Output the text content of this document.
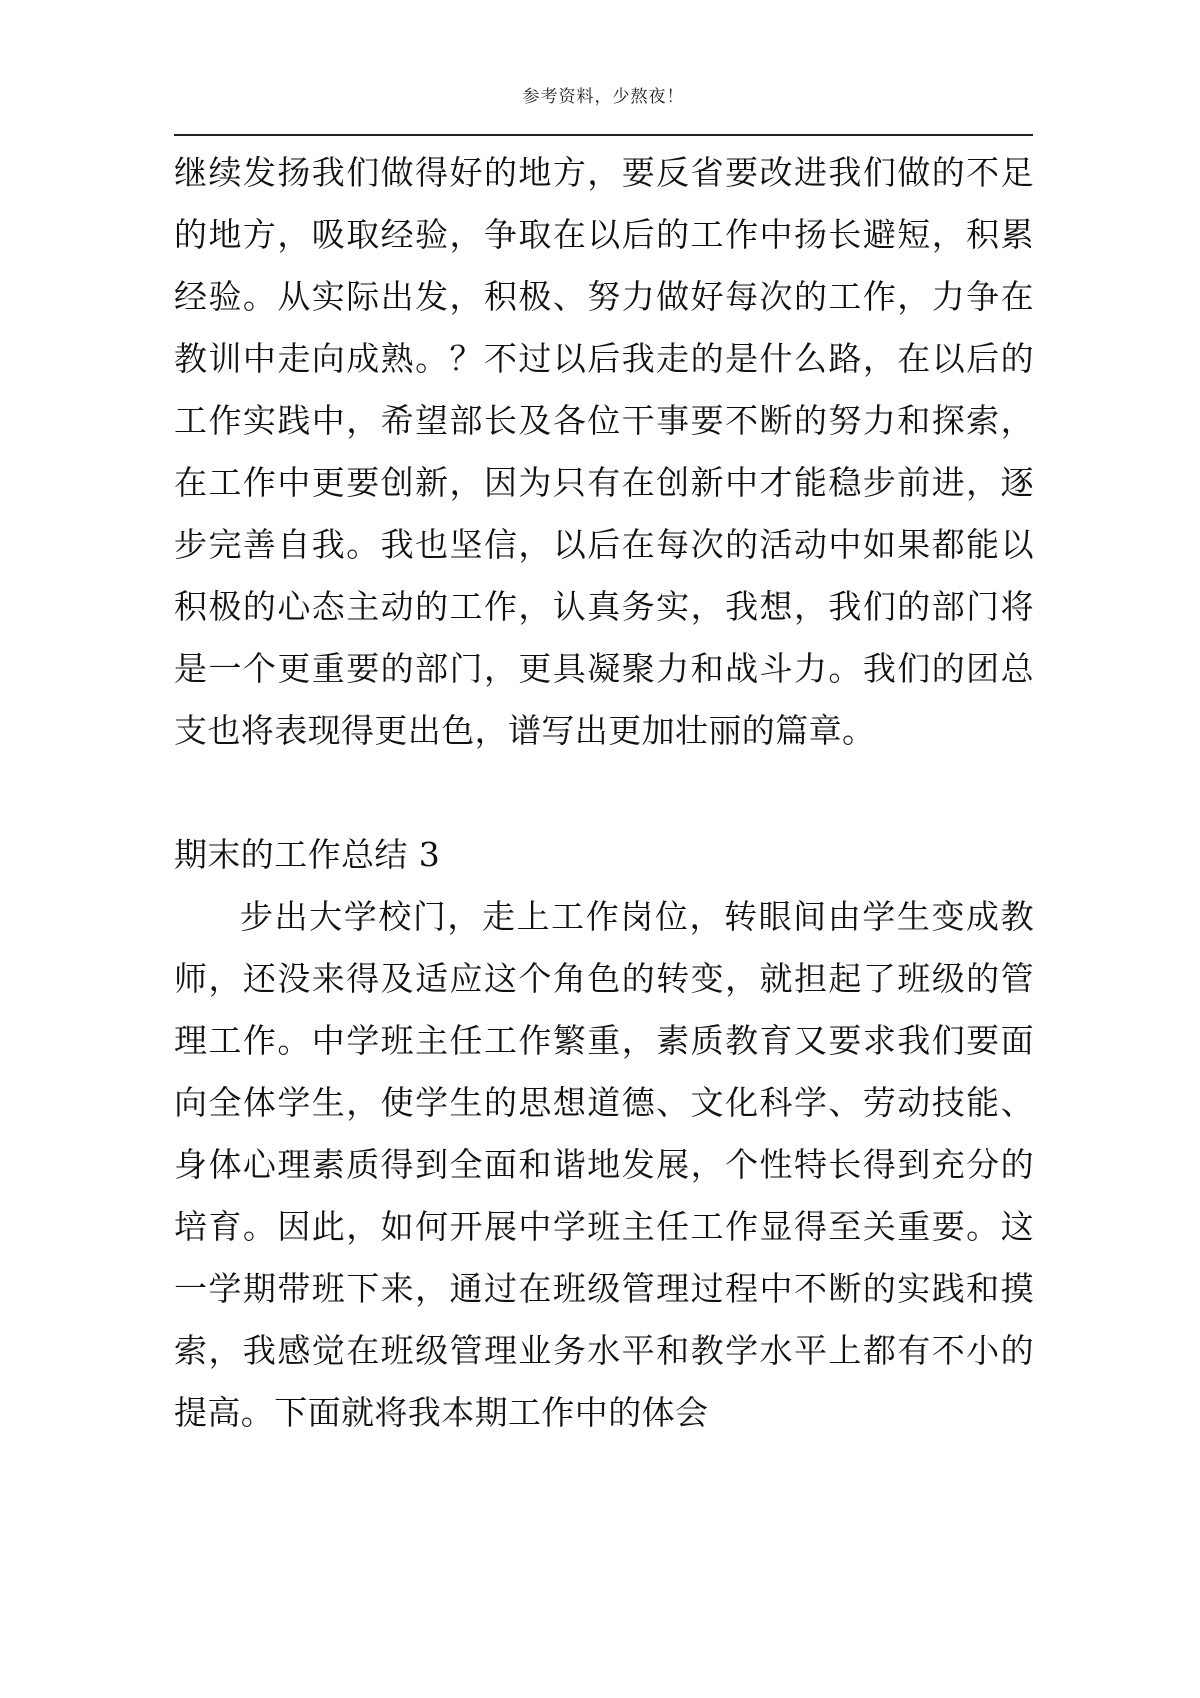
参考资料，少熬夜！

继续发扬我们做得好的地方，要反省要改进我们做的不足的地方，吸取经验，争取在以后的工作中扬长避短，积累经验。从实际出发，积极、努力做好每次的工作，力争在教训中走向成熟。？不过以后我走的是什么路，在以后的工作实践中，希望部长及各位干事要不断的努力和探索，在工作中更要创新，因为只有在创新中才能稳步前进，逐步完善自我。我也坚信，以后在每次的活动中如果都能以积极的心态主动的工作，认真务实，我想，我们的部门将是一个更重要的部门，更具凝聚力和战斗力。我们的团总支也将表现得更出色，谱写出更加壮丽的篇章。

期末的工作总结 3

步出大学校门，走上工作岗位，转眼间由学生变成教师，还没来得及适应这个角色的转变，就担起了班级的管理工作。中学班主任工作繁重，素质教育又要求我们要面向全体学生，使学生的思想道德、文化科学、劳动技能、身体心理素质得到全面和谐地发展，个性特长得到充分的培育。因此，如何开展中学班主任工作显得至关重要。这一学期带班下来，通过在班级管理过程中不断的实践和摸索，我感觉在班级管理业务水平和教学水平上都有不小的提高。下面就将我本期工作中的体会
